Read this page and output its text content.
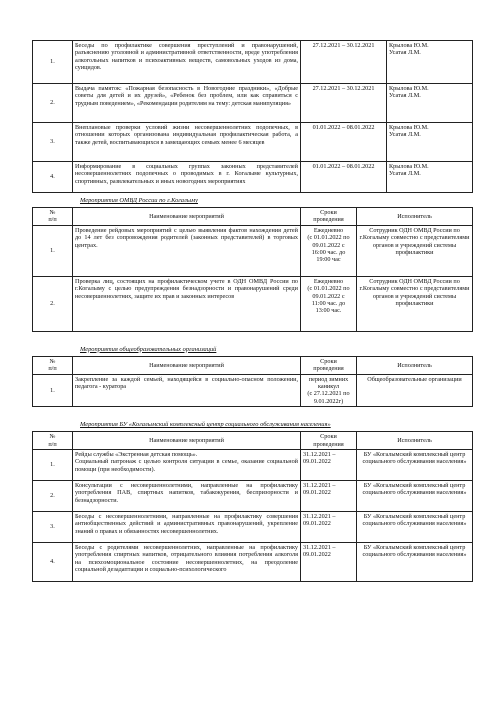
1.	Беседы по профилактике совершения преступлений и правонарушений, разъяснению уголовной и административной ответственности, вреде употребления алкогольных напитков и психоактивных веществ, самовольных уходов из дома, суицидов.	27.12.2021 – 30.12.2021	Крылова Ю.М.
Усатая Л.М.
2.	Выдача памяток: «Пожарная безопасность в Новогодние праздники», «Добрые советы для детей и их друзей», «Ребенок без проблем, или как справиться с трудным поведением», «Рекомендации родителям на тему: детская манипуляция»	27.12.2021 – 30.12.2021	Крылова Ю.М.
Усатая Л.М.
3.	Внеплановые проверки условий жизни несовершеннолетних подопечных, в отношении которых организована индивидуальная профилактическая работа, а также детей, воспитывающихся в замещающих семьях менее 6 месяцев	01.01.2022 – 08.01.2022	Крылова Ю.М.
Усатая Л.М.
4.	Информирование в социальных группах законных представителей несовершеннолетних подопечных о проводимых в г. Когалыме культурных, спортивных, развлекательных и иных новогодних мероприятиях	01.01.2022 – 08.01.2022	Крылова Ю.М.
Усатая Л.М.

Мероприятия ОМВД России по г.Когалыму

№
п/п	Наименование мероприятий	Сроки
проведения	Исполнитель
1.	Проведение рейдовых мероприятий с целью выявления фактов нахождения детей до 14 лет без сопровождения родителей (законных представителей) в торговых центрах.	Ежедневно
(с 01.01.2022 по 09.01.2022 с
16:00 час. до
19:00 час	Сотрудник ОДН ОМВД России по г.Когалыму совместно с представителями органов и учреждений системы профилактики
2.	Проверка лиц, состоящих на профилактическом учете в ОДН ОМВД России по г.Когалыму с целью предупреждения безнадзорности и правонарушений среди несовершеннолетних, защите их прав и законных интересов	Ежедневно
(с 01.01.2022 по 09.01.2022 с
11:00 час. до
13:00 час.	Сотрудник ОДН ОМВД России по г.Когалыму совместно с представителями органов и учреждений системы профилактики

Мероприятия общеобразовательных организаций

№
п/п	Наименование мероприятий	Сроки
проведения	Исполнитель
1.	Закрепление за каждой семьей, находящейся в социально-опасном положении, педагога - куратора	период зимних каникул
(с 27.12.2021 по 9.01.2022г)	Общеобразовательные организации

Мероприятия БУ «Когалымский комплексный центр социального обслуживания населения»

№
п/п	Наименование мероприятий	Сроки
проведения	Исполнитель
1.	Рейды службы «Экстренная детская помощь».
Социальный патронаж с целью контроля ситуации в семье, оказание социальной помощи (при необходимости).	31.12.2021 –
09.01.2022	БУ «Когалымский комплексный центр социального обслуживания населения»
2.	Консультации с несовершеннолетними, направленные на профилактику употребления ПАВ, спиртных напитков, табакокурения, беспризорности и безнадзорности.	31.12.2021 –
09.01.2022	БУ «Когалымский комплексный центр социального обслуживания населения»
3.	Беседы с несовершеннолетними, направленные на профилактику совершения антиобщественных действий и административных правонарушений, укрепление знаний о правах и обязанностях несовершеннолетних.	31.12.2021 –
09.01.2022	БУ «Когалымский комплексный центр социального обслуживания населения»
4.	Беседы с родителями несовершеннолетних, направленные на профилактику употребления спиртных напитков, отрицательного влияния потребления алкоголя на психоэмоциональное состояние несовершеннолетних, на преодоление социальной дезадаптации и социально-психологического	31.12.2021 –
09.01.2022	БУ «Когалымский комплексный центр социального обслуживания населения»
